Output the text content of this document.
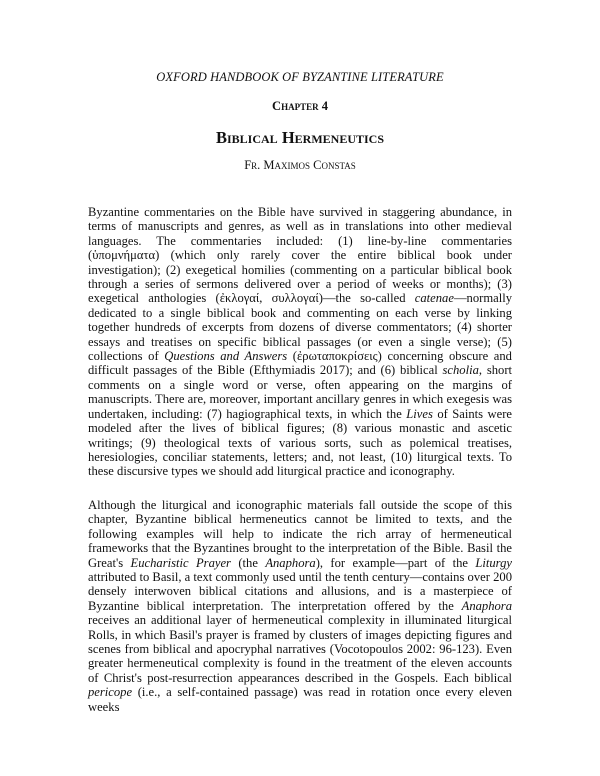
OXFORD HANDBOOK OF BYZANTINE LITERATURE
Chapter 4
Biblical Hermeneutics
Fr. Maximos Constas

Byzantine commentaries on the Bible have survived in staggering abundance, in terms of manuscripts and genres, as well as in translations into other medieval languages. The commentaries included: (1) line-by-line commentaries (ὑπομνήματα) (which only rarely cover the entire biblical book under investigation); (2) exegetical homilies (commenting on a particular biblical book through a series of sermons delivered over a period of weeks or months); (3) exegetical anthologies (ἐκλογαί, συλλογαί)—the so-called catenae—normally dedicated to a single biblical book and commenting on each verse by linking together hundreds of excerpts from dozens of diverse commentators; (4) shorter essays and treatises on specific biblical passages (or even a single verse); (5) collections of Questions and Answers (ἐρωταποκρίσεις) concerning obscure and difficult passages of the Bible (Efthymiadis 2017); and (6) biblical scholia, short comments on a single word or verse, often appearing on the margins of manuscripts. There are, moreover, important ancillary genres in which exegesis was undertaken, including: (7) hagiographical texts, in which the Lives of Saints were modeled after the lives of biblical figures; (8) various monastic and ascetic writings; (9) theological texts of various sorts, such as polemical treatises, heresiologies, conciliar statements, letters; and, not least, (10) liturgical texts. To these discursive types we should add liturgical practice and iconography.

Although the liturgical and iconographic materials fall outside the scope of this chapter, Byzantine biblical hermeneutics cannot be limited to texts, and the following examples will help to indicate the rich array of hermeneutical frameworks that the Byzantines brought to the interpretation of the Bible. Basil the Great's Eucharistic Prayer (the Anaphora), for example—part of the Liturgy attributed to Basil, a text commonly used until the tenth century—contains over 200 densely interwoven biblical citations and allusions, and is a masterpiece of Byzantine biblical interpretation. The interpretation offered by the Anaphora receives an additional layer of hermeneutical complexity in illuminated liturgical Rolls, in which Basil's prayer is framed by clusters of images depicting figures and scenes from biblical and apocryphal narratives (Vocotopoulos 2002: 96-123). Even greater hermeneutical complexity is found in the treatment of the eleven accounts of Christ's post-resurrection appearances described in the Gospels. Each biblical pericope (i.e., a self-contained passage) was read in rotation once every eleven weeks
